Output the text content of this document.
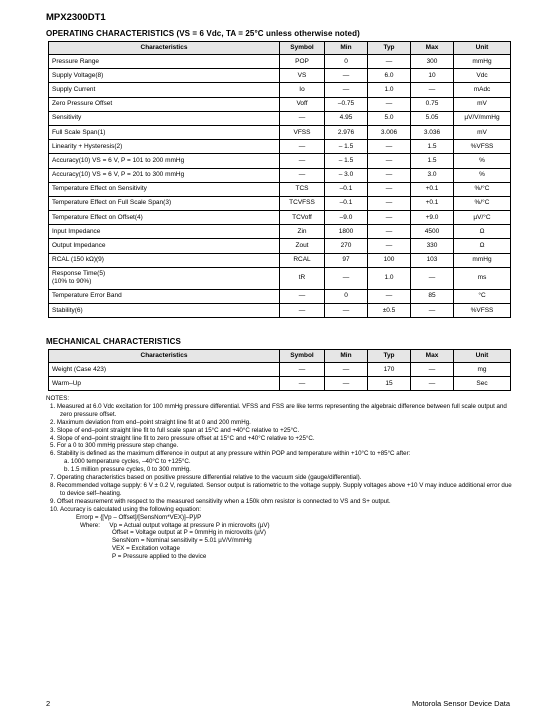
MPX2300DT1
OPERATING CHARACTERISTICS (VS = 6 Vdc, TA = 25°C unless otherwise noted)
Characteristics	Symbol	Min	Typ	Max	Unit
Pressure Range	POP	0	—	300	mmHg
Supply Voltage(8)	VS	—	6.0	10	Vdc
Supply Current	Io	—	1.0	—	mAdc
Zero Pressure Offset	Voff	–0.75	—	0.75	mV
Sensitivity	—	4.95	5.0	5.05	µV/V/mmHg
Full Scale Span(1)	VFSS	2.976	3.006	3.036	mV
Linearity + Hysteresis(2)	—	– 1.5	—	1.5	%VFSS
Accuracy(10) VS = 6 V, P = 101 to 200 mmHg	—	– 1.5	—	1.5	%
Accuracy(10) VS = 6 V, P = 201 to 300 mmHg	—	– 3.0	—	3.0	%
Temperature Effect on Sensitivity	TCS	–0.1	—	+0.1	%/°C
Temperature Effect on Full Scale Span(3)	TCVFSS	–0.1	—	+0.1	%/°C
Temperature Effect on Offset(4)	TCVoff	–9.0	—	+9.0	µV/°C
Input Impedance	Zin	1800	—	4500	Ω
Output Impedance	Zout	270	—	330	Ω
RCAL (150 kΩ)(9)	RCAL	97	100	103	mmHg
Response Time(5)
(10% to 90%)	tR	—	1.0	—	ms
Temperature Error Band	—	0	—	85	°C
Stability(6)	—	—	±0.5	—	%VFSS
MECHANICAL CHARACTERISTICS
Characteristics	Symbol	Min	Typ	Max	Unit
Weight (Case 423)	—	—	170	—	mg
Warm–Up	—	—	15	—	Sec
NOTES:
1. Measured at 6.0 Vdc excitation for 100 mmHg pressure differential. VFSS and FSS are like terms representing the algebraic difference between full scale output and zero pressure offset.
2. Maximum deviation from end–point straight line fit at 0 and 200 mmHg.
3. Slope of end–point straight line fit to full scale span at 15°C and +40°C relative to +25°C.
4. Slope of end–point straight line fit to zero pressure offset at 15°C and +40°C relative to +25°C.
5. For a 0 to 300 mmHg pressure step change.
6. Stability is defined as the maximum difference in output at any pressure within POP and temperature within +10°C to +85°C after:
a. 1000 temperature cycles, –40°C to +125°C.
b. 1.5 million pressure cycles, 0 to 300 mmHg.
7. Operating characteristics based on positive pressure differential relative to the vacuum side (gauge/differential).
8. Recommended voltage supply: 6 V ± 0.2 V, regulated. Sensor output is ratiometric to the voltage supply. Supply voltages above +10 V may induce additional error due to device self–heating.
9. Offset measurement with respect to the measured sensitivity when a 150k ohm resistor is connected to VS and S+ output.
10. Accuracy is calculated using the following equation:
Errorp = {[Vp – Offset]/[SensNom*VEX)]–P}/P
Where: Vp = Actual output voltage at pressure P in microvolts (µV)
Offset = Voltage output at P = 0mmHg in microvolts (µV)
SensNom = Nominal sensitivity = 5.01 µV/V/mmHg
VEX = Excitation voltage
P = Pressure applied to the device
2	Motorola Sensor Device Data
